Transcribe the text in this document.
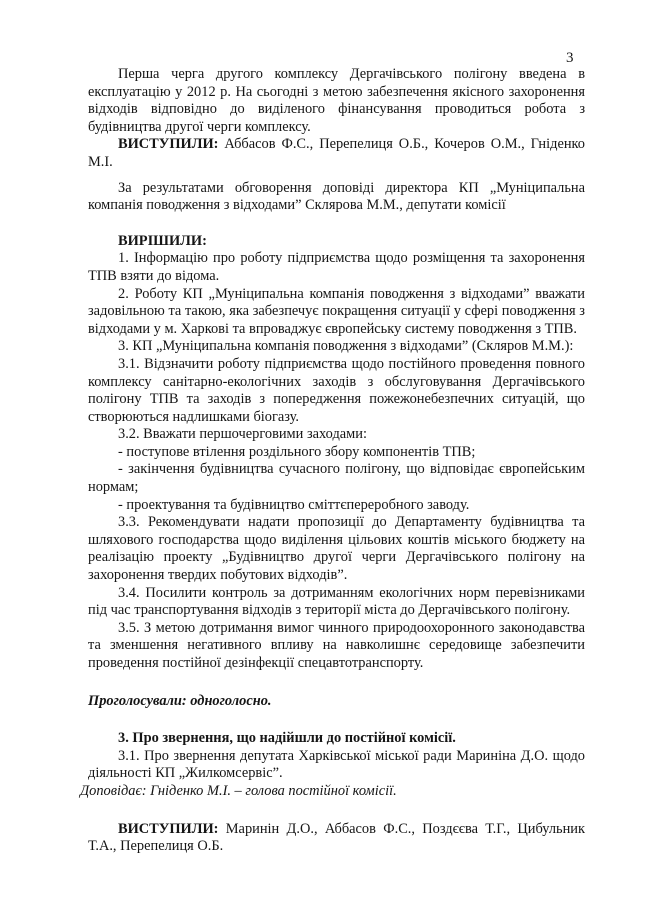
3

Перша черга другого комплексу Дергачівського полігону введена в експлуатацію у 2012 р. На сьогодні з метою забезпечення якісного захоронення відходів відповідно до виділеного фінансування проводиться робота з будівництва другої черги комплексу.

ВИСТУПИЛИ: Аббасов Ф.С., Перепелиця О.Б., Кочеров О.М., Гніденко М.І.

За результатами обговорення доповіді директора КП „Муніципальна компанія поводження з відходами” Склярова М.М., депутати комісії

ВИРІШИЛИ:

1. Інформацію про роботу підприємства щодо розміщення та захоронення ТПВ взяти до відома.

2. Роботу КП „Муніципальна компанія поводження з відходами” вважати задовільною та такою, яка забезпечує покращення ситуації у сфері поводження з відходами у м. Харкові та впроваджує європейську систему поводження з ТПВ.

3. КП „Муніципальна компанія поводження з відходами” (Скляров М.М.):

3.1. Відзначити роботу підприємства щодо постійного проведення повного комплексу санітарно-екологічних заходів з обслуговування Дергачівського полігону ТПВ та заходів з попередження пожежонебезпечних ситуацій, що створюються надлишками біогазу.

3.2. Вважати першочерговими заходами:

- поступове втілення роздільного збору компонентів ТПВ;

- закінчення будівництва сучасного полігону, що відповідає європейським нормам;

- проектування та будівництво сміттєпереробного заводу.

3.3. Рекомендувати надати пропозиції до Департаменту будівництва та шляхового господарства щодо виділення цільових коштів міського бюджету на реалізацію проекту „Будівництво другої черги Дергачівського полігону на захоронення твердих побутових відходів”.

3.4. Посилити контроль за дотриманням екологічних норм перевізниками під час транспортування відходів з території міста до Дергачівського полігону.

3.5. З метою дотримання вимог чинного природоохоронного законодавства та зменшення негативного впливу на навколишнє середовище забезпечити проведення постійної дезінфекції спецавтотранспорту.

Проголосували: одноголосно.

3. Про звернення, що надійшли до постійної комісії.

3.1. Про звернення депутата Харківської міської ради Маринінa Д.О. щодо діяльності КП „Жилкомсервіс”.

Доповідає: Гніденко М.І. – голова постійної комісії.

ВИСТУПИЛИ: Маринін Д.О., Аббасов Ф.С., Поздєєва Т.Г., Цибульник Т.А., Перепелиця О.Б.
